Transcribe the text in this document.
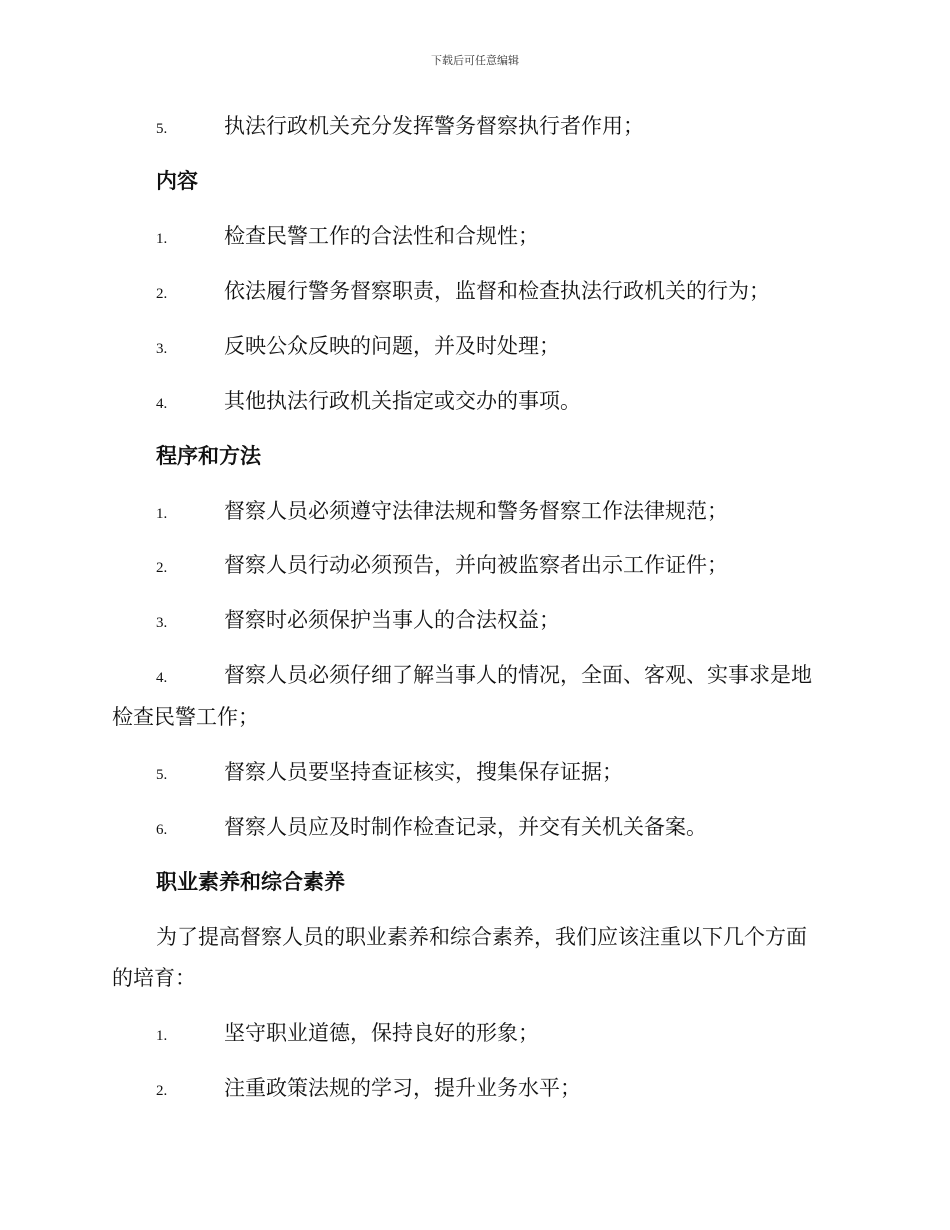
下载后可任意编辑
5.	执法行政机关充分发挥警务督察执行者作用；
内容
1.	检查民警工作的合法性和合规性；
2.	依法履行警务督察职责，监督和检查执法行政机关的行为；
3.	反映公众反映的问题，并及时处理；
4.	其他执法行政机关指定或交办的事项。
程序和方法
1.	督察人员必须遵守法律法规和警务督察工作法律规范；
2.	督察人员行动必须预告，并向被监察者出示工作证件；
3.	督察时必须保护当事人的合法权益；
4.	督察人员必须仔细了解当事人的情况，全面、客观、实事求是地
检查民警工作；
5.	督察人员要坚持查证核实，搜集保存证据；
6.	督察人员应及时制作检查记录，并交有关机关备案。
职业素养和综合素养
为了提高督察人员的职业素养和综合素养，我们应该注重以下几个方面
的培育：
1.	坚守职业道德，保持良好的形象；
2.	注重政策法规的学习，提升业务水平；
